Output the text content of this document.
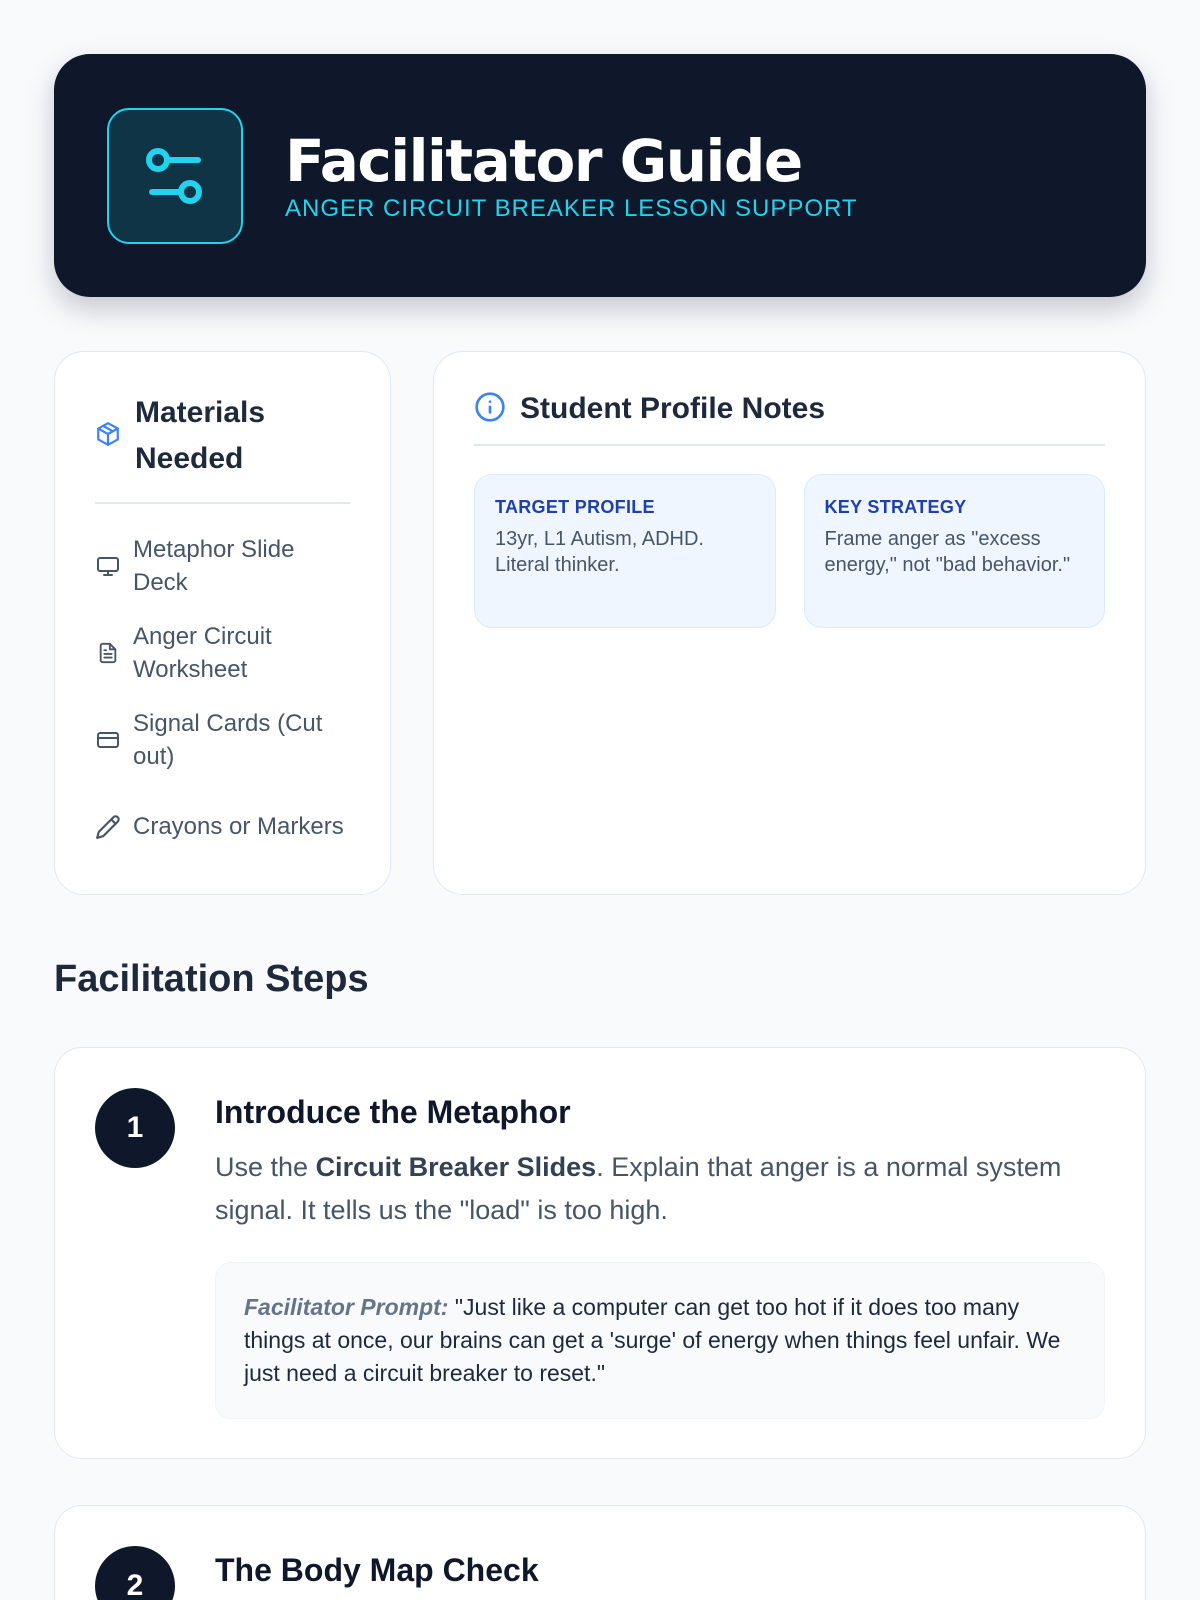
Facilitator Guide
ANGER CIRCUIT BREAKER LESSON SUPPORT
Materials Needed
Metaphor Slide Deck
Anger Circuit Worksheet
Signal Cards (Cut out)
Crayons or Markers
Student Profile Notes
TARGET PROFILE
13yr, L1 Autism, ADHD. Literal thinker.
KEY STRATEGY
Frame anger as "excess energy," not "bad behavior."
Facilitation Steps
1	Introduce the Metaphor
Use the Circuit Breaker Slides. Explain that anger is a normal system signal. It tells us the "load" is too high.
Facilitator Prompt: "Just like a computer can get too hot if it does too many things at once, our brains can get a 'surge' of energy when things feel unfair. We just need a circuit breaker to reset."
2	The Body Map Check
